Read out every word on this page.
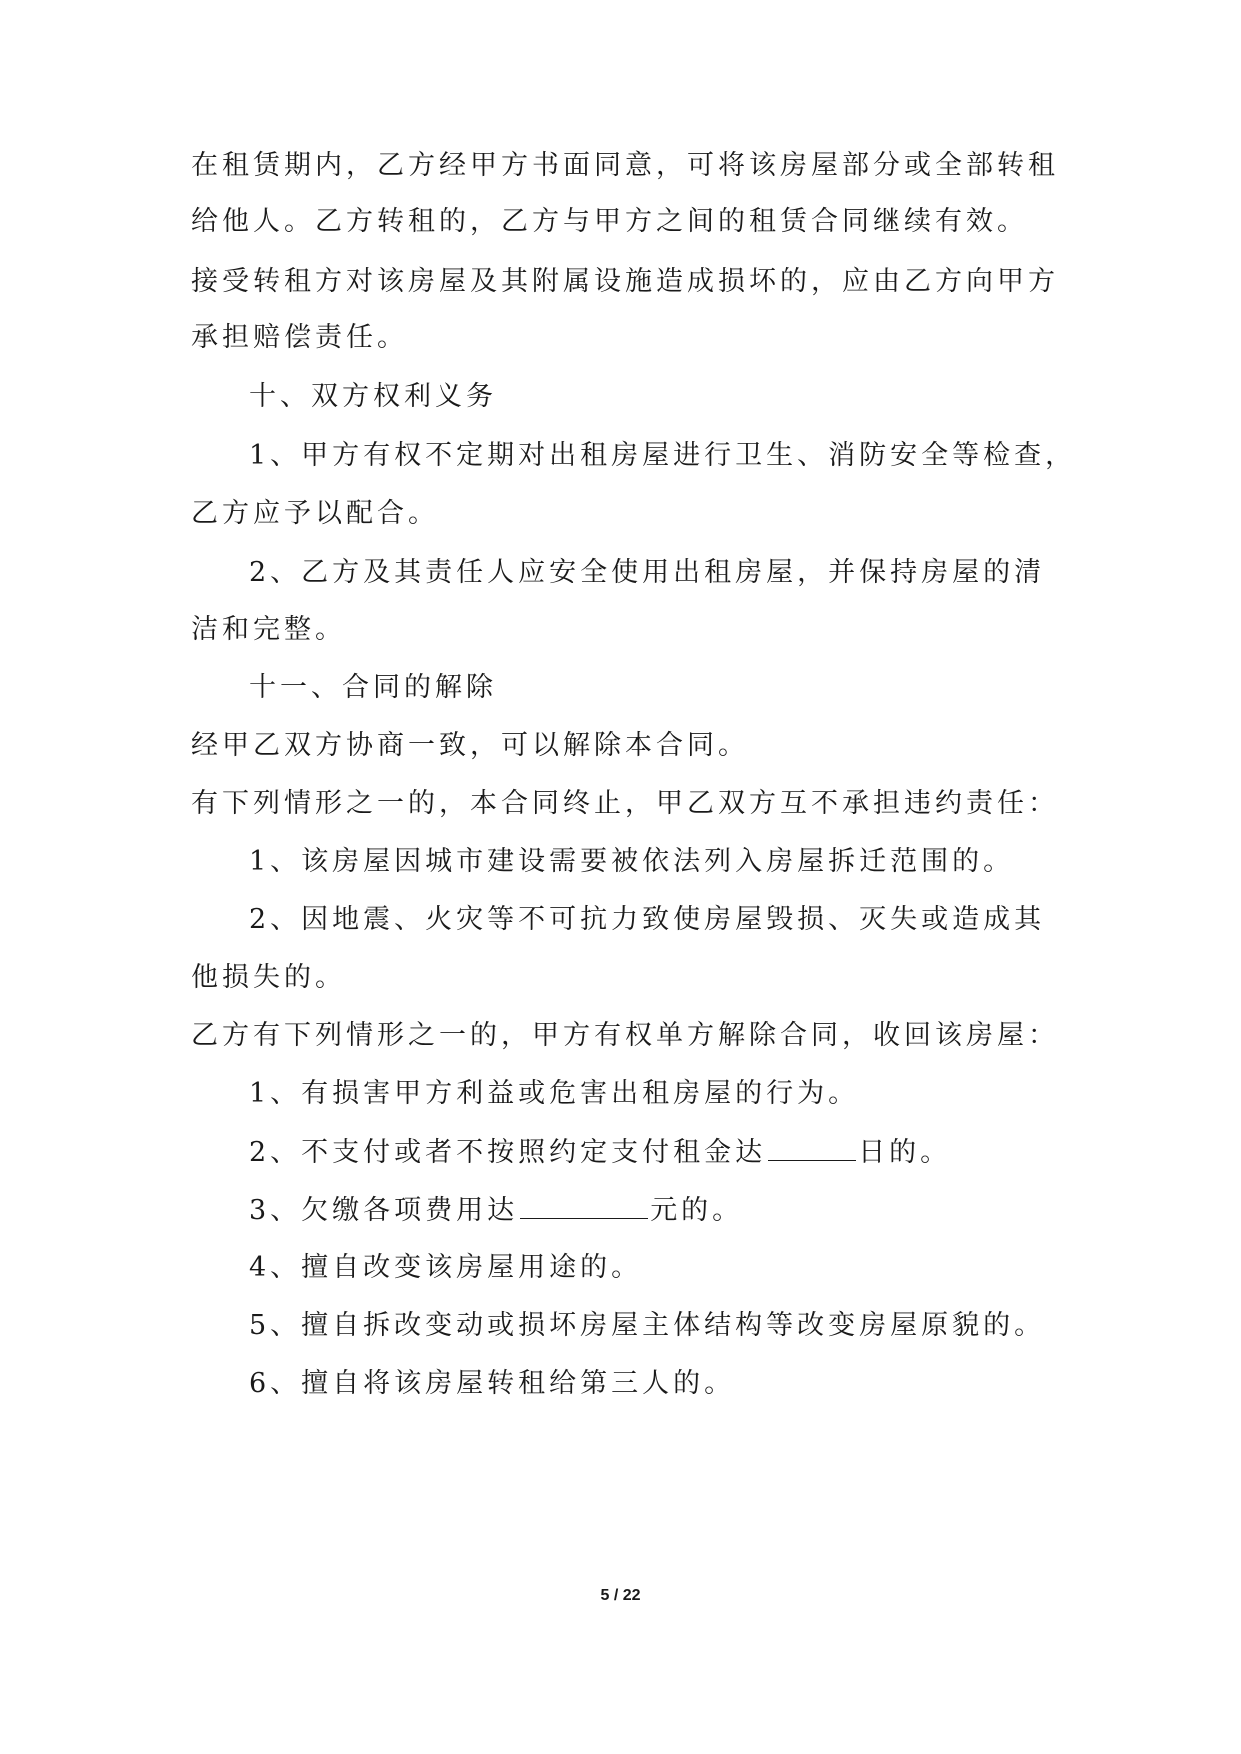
在租赁期内，乙方经甲方书面同意，可将该房屋部分或全部转租
给他人。乙方转租的，乙方与甲方之间的租赁合同继续有效。
接受转租方对该房屋及其附属设施造成损坏的，应由乙方向甲方
承担赔偿责任。
十、双方权利义务
1、甲方有权不定期对出租房屋进行卫生、消防安全等检查，
乙方应予以配合。
2、乙方及其责任人应安全使用出租房屋，并保持房屋的清
洁和完整。
十一、合同的解除
经甲乙双方协商一致，可以解除本合同。
有下列情形之一的，本合同终止，甲乙双方互不承担违约责任：
1、该房屋因城市建设需要被依法列入房屋拆迁范围的。
2、因地震、火灾等不可抗力致使房屋毁损、灭失或造成其
他损失的。
乙方有下列情形之一的，甲方有权单方解除合同，收回该房屋：
1、有损害甲方利益或危害出租房屋的行为。
2、不支付或者不按照约定支付租金达	日的。
3、欠缴各项费用达	元的。
4、擅自改变该房屋用途的。
5、擅自拆改变动或损坏房屋主体结构等改变房屋原貌的。
6、擅自将该房屋转租给第三人的。
5 / 22
